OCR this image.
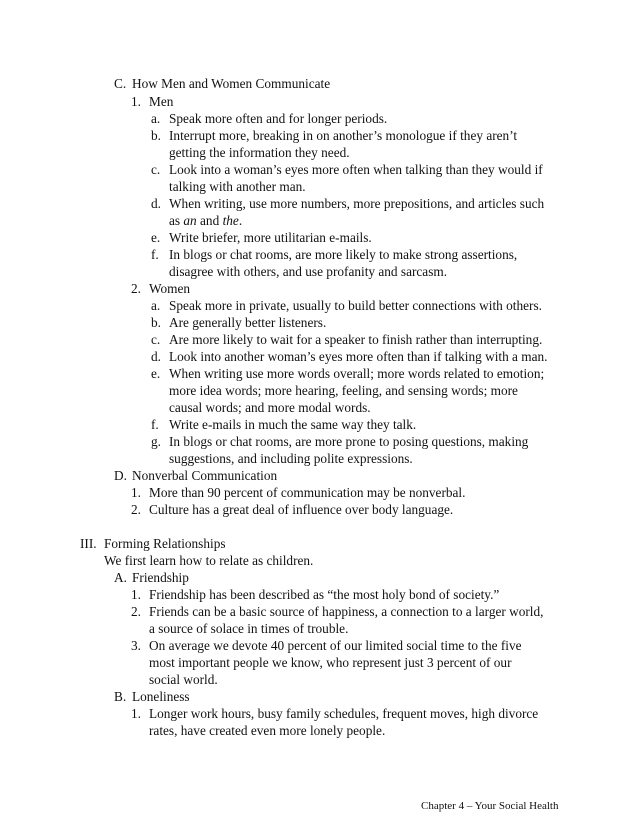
C. How Men and Women Communicate
1. Men
a. Speak more often and for longer periods.
b. Interrupt more, breaking in on another’s monologue if they aren’t
getting the information they need.
c. Look into a woman’s eyes more often when talking than they would if
talking with another man.
d. When writing, use more numbers, more prepositions, and articles such
as an and the.
e. Write briefer, more utilitarian e-mails.
f. In blogs or chat rooms, are more likely to make strong assertions,
disagree with others, and use profanity and sarcasm.
2. Women
a. Speak more in private, usually to build better connections with others.
b. Are generally better listeners.
c. Are more likely to wait for a speaker to finish rather than interrupting.
d. Look into another woman’s eyes more often than if talking with a man.
e. When writing use more words overall; more words related to emotion;
more idea words; more hearing, feeling, and sensing words; more
causal words; and more modal words.
f. Write e-mails in much the same way they talk.
g. In blogs or chat rooms, are more prone to posing questions, making
suggestions, and including polite expressions.
D. Nonverbal Communication
1. More than 90 percent of communication may be nonverbal.
2. Culture has a great deal of influence over body language.
III. Forming Relationships
We first learn how to relate as children.
A. Friendship
1. Friendship has been described as “the most holy bond of society.”
2. Friends can be a basic source of happiness, a connection to a larger world,
a source of solace in times of trouble.
3. On average we devote 40 percent of our limited social time to the five
most important people we know, who represent just 3 percent of our
social world.
B. Loneliness
1. Longer work hours, busy family schedules, frequent moves, high divorce
rates, have created even more lonely people.
Chapter 4 – Your Social Health
